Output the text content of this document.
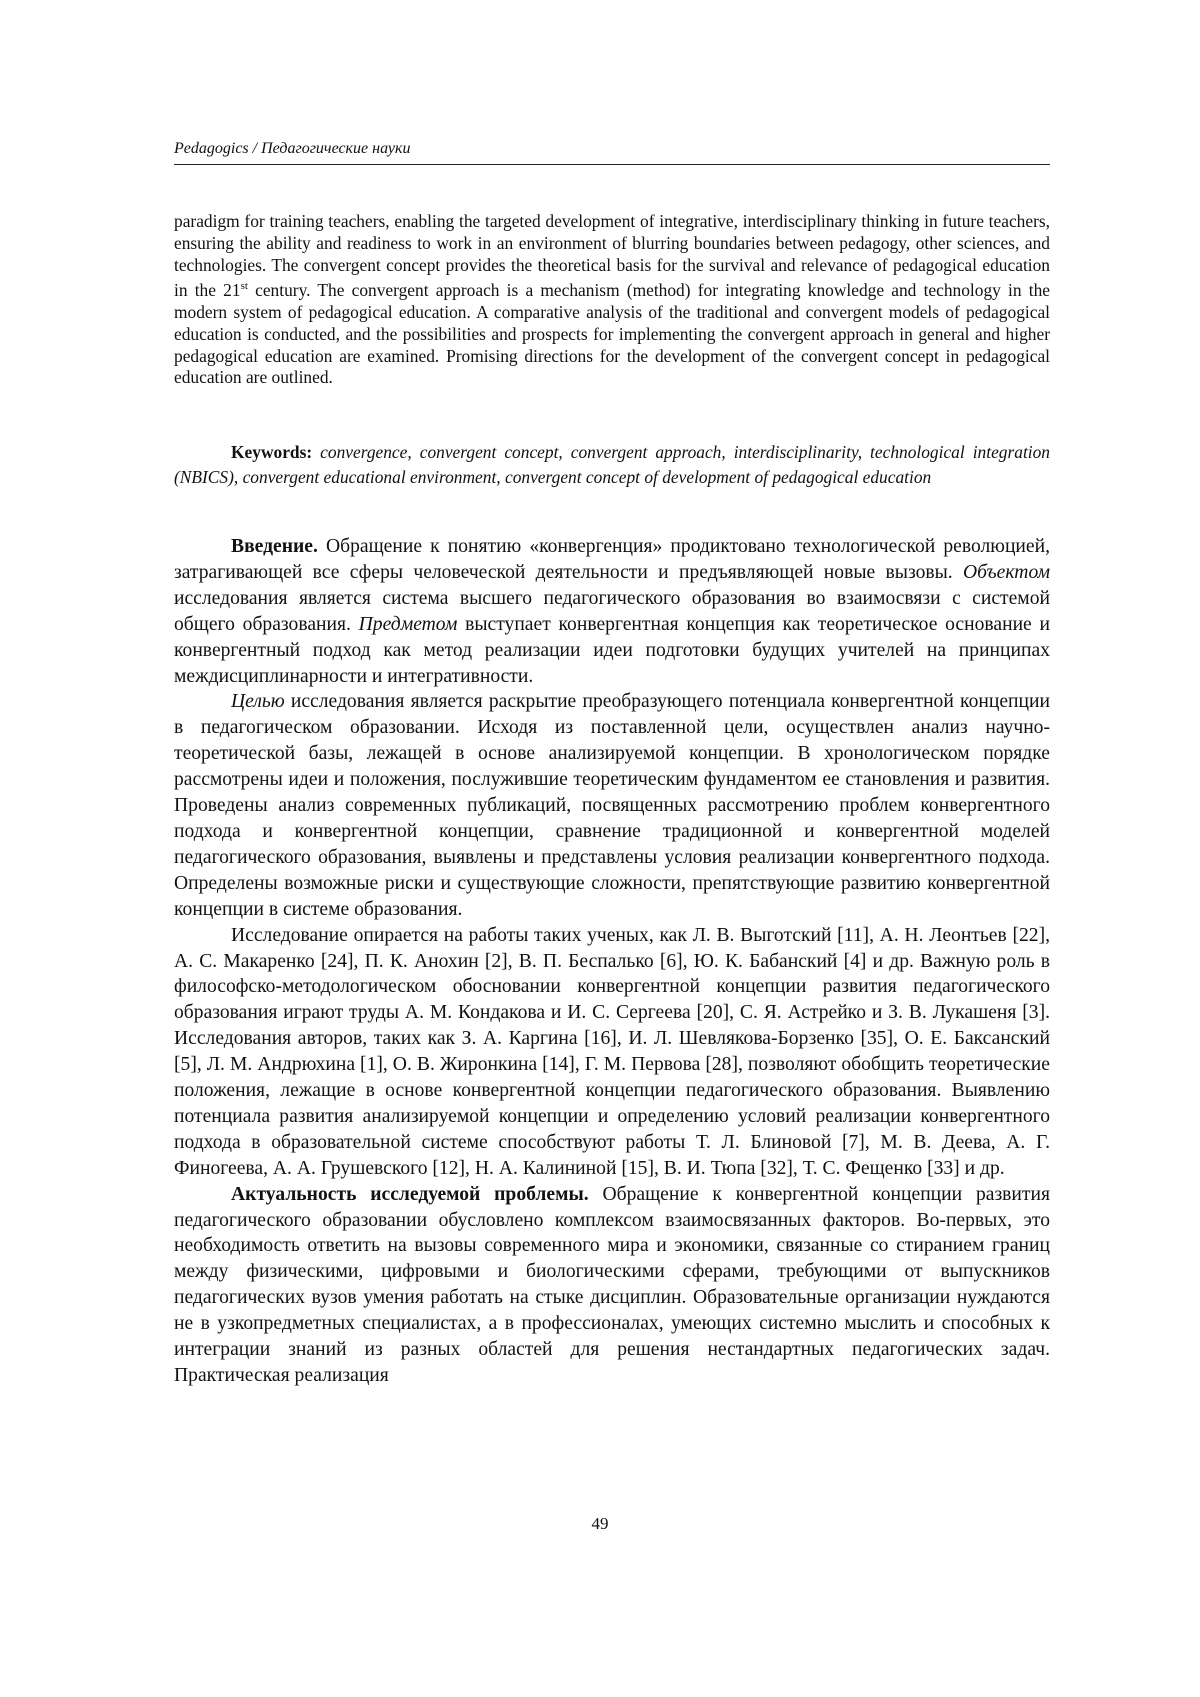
Pedagogics / Педагогические науки

paradigm for training teachers, enabling the targeted development of integrative, interdisciplinary thinking in future teachers, ensuring the ability and readiness to work in an environment of blurring boundaries between pedagogy, other sciences, and technologies. The convergent concept provides the theoretical basis for the survival and relevance of pedagogical education in the 21st century. The convergent approach is a mechanism (method) for integrating knowledge and technology in the modern system of pedagogical education. A comparative analysis of the traditional and convergent models of pedagogical education is conducted, and the possibilities and prospects for implementing the convergent approach in general and higher pedagogical education are examined. Promising directions for the development of the convergent concept in pedagogical education are outlined.

Keywords: convergence, convergent concept, convergent approach, interdisciplinarity, technological integration (NBICS), convergent educational environment, convergent concept of development of pedagogical education

Введение. Обращение к понятию «конвергенция» продиктовано технологической революцией, затрагивающей все сферы человеческой деятельности и предъявляющей новые вызовы. Объектом исследования является система высшего педагогического образования во взаимосвязи с системой общего образования. Предметом выступает конвергентная концепция как теоретическое основание и конвергентный подход как метод реализации идеи подготовки будущих учителей на принципах междисциплинарности и интегративности.

Целью исследования является раскрытие преобразующего потенциала конвергентной концепции в педагогическом образовании. Исходя из поставленной цели, осуществлен анализ научно-теоретической базы, лежащей в основе анализируемой концепции. В хронологическом порядке рассмотрены идеи и положения, послужившие теоретическим фундаментом ее становления и развития. Проведены анализ современных публикаций, посвященных рассмотрению проблем конвергентного подхода и конвергентной концепции, сравнение традиционной и конвергентной моделей педагогического образования, выявлены и представлены условия реализации конвергентного подхода. Определены возможные риски и существующие сложности, препятствующие развитию конвергентной концепции в системе образования.

Исследование опирается на работы таких ученых, как Л. В. Выготский [11], А. Н. Леонтьев [22], А. С. Макаренко [24], П. К. Анохин [2], В. П. Беспалько [6], Ю. К. Бабанский [4] и др. Важную роль в философско-методологическом обосновании конвергентной концепции развития педагогического образования играют труды А. М. Кондакова и И. С. Сергеева [20], С. Я. Астрейко и З. В. Лукашеня [3]. Исследования авторов, таких как З. А. Каргина [16], И. Л. Шевлякова-Борзенко [35], О. Е. Баксанский [5], Л. М. Андрюхина [1], О. В. Жиронкина [14], Г. М. Первова [28], позволяют обобщить теоретические положения, лежащие в основе конвергентной концепции педагогического образования. Выявлению потенциала развития анализируемой концепции и определению условий реализации конвергентного подхода в образовательной системе способствуют работы Т. Л. Блиновой [7], М. В. Деева, А. Г. Финогеева, А. А. Грушевского [12], Н. А. Калининой [15], В. И. Тюпа [32], Т. С. Фещенко [33] и др.

Актуальность исследуемой проблемы. Обращение к конвергентной концепции развития педагогического образовании обусловлено комплексом взаимосвязанных факторов. Во-первых, это необходимость ответить на вызовы современного мира и экономики, связанные со стиранием границ между физическими, цифровыми и биологическими сферами, требующими от выпускников педагогических вузов умения работать на стыке дисциплин. Образовательные организации нуждаются не в узкопредметных специалистах, а в профессионалах, умеющих системно мыслить и способных к интеграции знаний из разных областей для решения нестандартных педагогических задач. Практическая реализация

49
